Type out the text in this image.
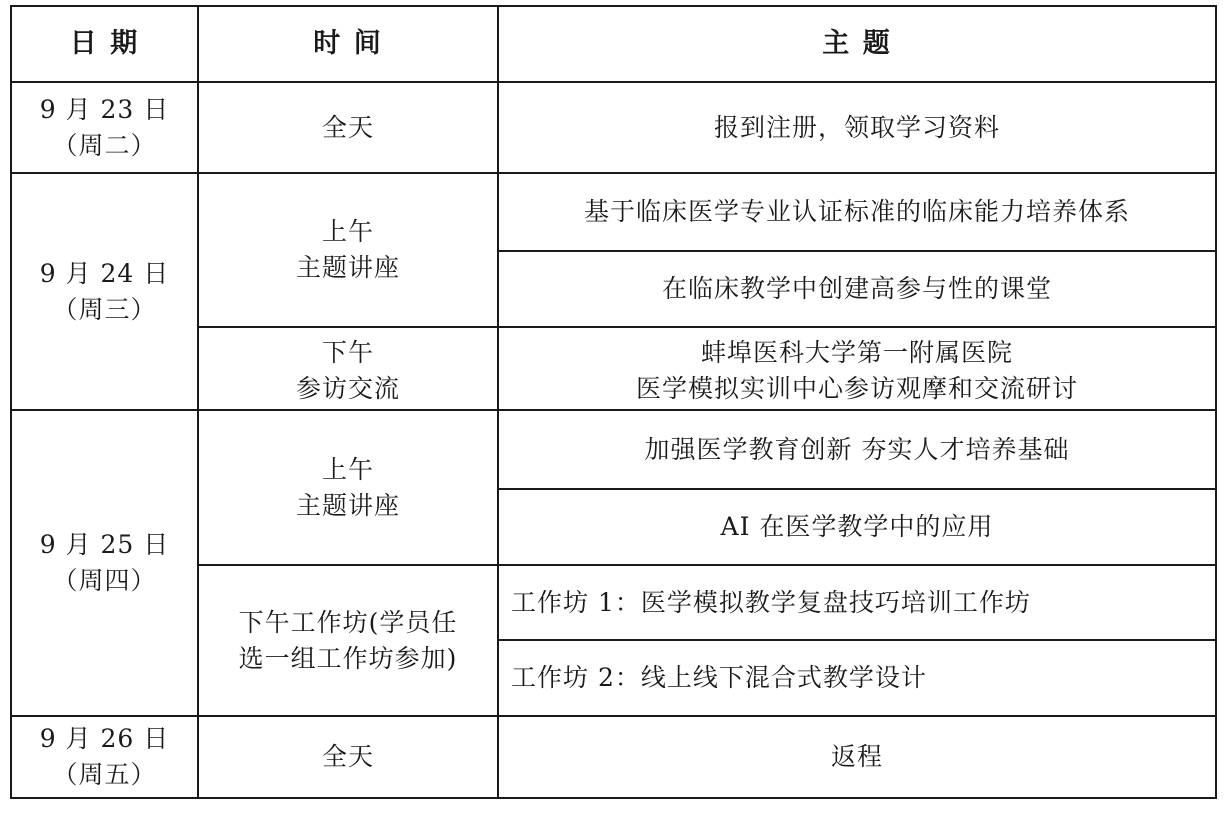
日 期	时 间	主 题

9 月 23 日
（周二）	全天	报到注册，领取学习资料

9 月 24 日
（周三）	上午
主题讲座	基于临床医学专业认证标准的临床能力培养体系
		在临床教学中创建高参与性的课堂

	下午
参访交流	蚌埠医科大学第一附属医院
医学模拟实训中心参访观摩和交流研讨

9 月 25 日
（周四）	上午
主题讲座	加强医学教育创新 夯实人才培养基础
		AI 在医学教学中的应用

	下午工作坊(学员任
选一组工作坊参加)	工作坊 1：医学模拟教学复盘技巧培训工作坊
		工作坊 2：线上线下混合式教学设计

9 月 26 日
（周五）	全天	返程
